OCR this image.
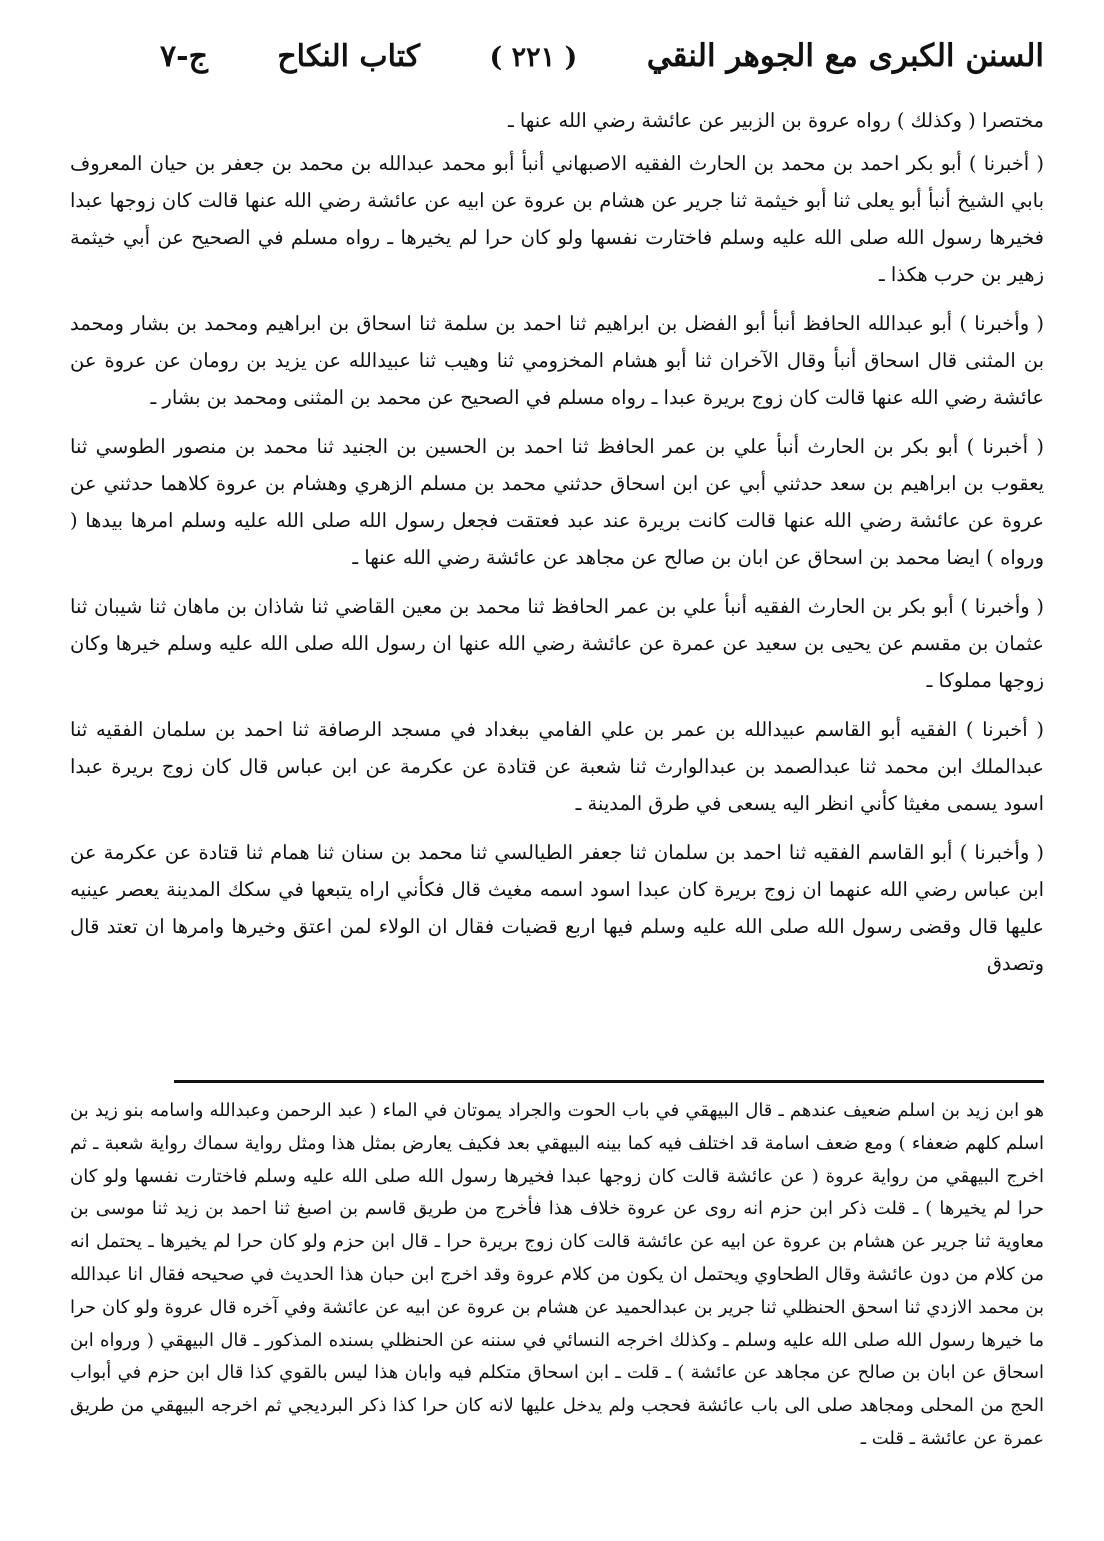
السنن الكبرى مع الجوهر النقي
( ٢٢١ )
كتاب النكاح
ج-٧

مختصرا ( وكذلك ) رواه عروة بن الزبير عن عائشة رضي الله عنها ـ

( أخبرنا ) أبو بكر احمد بن محمد بن الحارث الفقيه الاصبهاني أنبأ أبو محمد عبدالله بن محمد بن جعفر بن حيان المعروف بابي الشيخ أنبأ أبو يعلى ثنا أبو خيثمة ثنا جرير عن هشام بن عروة عن ابيه عن عائشة رضي الله عنها قالت كان زوجها عبدا فخيرها رسول الله صلى الله عليه وسلم فاختارت نفسها ولو كان حرا لم يخيرها ـ رواه مسلم في الصحيح عن أبي خيثمة زهير بن حرب هكذا ـ

( وأخبرنا ) أبو عبدالله الحافظ أنبأ أبو الفضل بن ابراهيم ثنا احمد بن سلمة ثنا اسحاق بن ابراهيم ومحمد بن بشار ومحمد بن المثنى قال اسحاق أنبأ وقال الآخران ثنا أبو هشام المخزومي ثنا وهيب ثنا عبيدالله عن يزيد بن رومان عن عروة عن عائشة رضي الله عنها قالت كان زوج بريرة عبدا ـ رواه مسلم في الصحيح عن محمد بن المثنى ومحمد بن بشار ـ

( أخبرنا ) أبو بكر بن الحارث أنبأ علي بن عمر الحافظ ثنا احمد بن الحسين بن الجنيد ثنا محمد بن منصور الطوسي ثنا يعقوب بن ابراهيم بن سعد حدثني أبي عن ابن اسحاق حدثني محمد بن مسلم الزهري وهشام بن عروة كلاهما حدثني عن عروة عن عائشة رضي الله عنها قالت كانت بريرة عند عبد فعتقت فجعل رسول الله صلى الله عليه وسلم امرها بيدها ( ورواه ) ايضا محمد بن اسحاق عن ابان بن صالح عن مجاهد عن عائشة رضي الله عنها ـ

( وأخبرنا ) أبو بكر بن الحارث الفقيه أنبأ علي بن عمر الحافظ ثنا محمد بن معين القاضي ثنا شاذان بن ماهان ثنا شيبان ثنا عثمان بن مقسم عن يحيى بن سعيد عن عمرة عن عائشة رضي الله عنها ان رسول الله صلى الله عليه وسلم خيرها وكان زوجها مملوكا ـ

( أخبرنا ) الفقيه أبو القاسم عبيدالله بن عمر بن علي الفامي ببغداد في مسجد الرصافة ثنا احمد بن سلمان الفقيه ثنا عبدالملك ابن محمد ثنا عبدالصمد بن عبدالوارث ثنا شعبة عن قتادة عن عكرمة عن ابن عباس قال كان زوج بريرة عبدا اسود يسمى مغيثا كأني انظر اليه يسعى في طرق المدينة ـ

( وأخبرنا ) أبو القاسم الفقيه ثنا احمد بن سلمان ثنا جعفر الطيالسي ثنا محمد بن سنان ثنا همام ثنا قتادة عن عكرمة عن ابن عباس رضي الله عنهما ان زوج بريرة كان عبدا اسود اسمه مغيث قال فكأني اراه يتبعها في سكك المدينة يعصر عينيه عليها قال وقضى رسول الله صلى الله عليه وسلم فيها اربع قضيات فقال ان الولاء لمن اعتق وخيرها وامرها ان تعتد قال وتصدق

هو ابن زيد بن اسلم ضعيف عندهم ـ قال البيهقي في باب الحوت والجراد يموتان في الماء ( عبد الرحمن وعبدالله واسامه بنو زيد بن اسلم كلهم ضعفاء ) ومع ضعف اسامة قد اختلف فيه كما بينه البيهقي بعد فكيف يعارض بمثل هذا ومثل رواية سماك رواية شعبة ـ ثم اخرج البيهقي من رواية عروة ( عن عائشة قالت كان زوجها عبدا فخيرها رسول الله صلى الله عليه وسلم فاختارت نفسها ولو كان حرا لم يخيرها ) ـ قلت ذكر ابن حزم انه روى عن عروة خلاف هذا فأخرج من طريق قاسم بن اصبغ ثنا احمد بن زيد ثنا موسى بن معاوية ثنا جرير عن هشام بن عروة عن ابيه عن عائشة قالت كان زوج بريرة حرا ـ قال ابن حزم ولو كان حرا لم يخيرها ـ يحتمل انه من كلام من دون عائشة وقال الطحاوي ويحتمل ان يكون من كلام عروة وقد اخرج ابن حبان هذا الحديث في صحيحه فقال انا عبدالله بن محمد الازدي ثنا اسحق الحنظلي ثنا جرير بن عبدالحميد عن هشام بن عروة عن ابيه عن عائشة وفي آخره قال عروة ولو كان حرا ما خيرها رسول الله صلى الله عليه وسلم ـ وكذلك اخرجه النسائي في سننه عن الحنظلي بسنده المذكور ـ قال البيهقي ( ورواه ابن اسحاق عن ابان بن صالح عن مجاهد عن عائشة ) ـ قلت ـ ابن اسحاق متكلم فيه وابان هذا ليس بالقوي كذا قال ابن حزم في أبواب الحج من المحلى ومجاهد صلى الى باب عائشة فحجب ولم يدخل عليها لانه كان حرا كذا ذكر البرديجي ثم اخرجه البيهقي من طريق عمرة عن عائشة ـ قلت ـ
